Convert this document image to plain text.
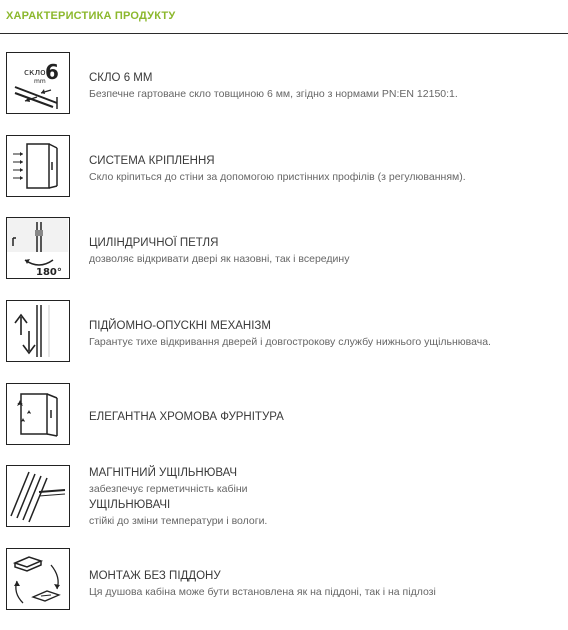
ХАРАКТЕРИСТИКА ПРОДУКТУ
скло 6
mm	СКЛО 6 ММ
Безпечне гартоване скло товщиною 6 мм, згідно з нормами PN:EN 12150:1.
СИСТЕМА КРІПЛЕННЯ
Скло кріпиться до стіни за допомогою пристінних профілів (з регулюванням).
180°
ЦИЛІНДРИЧНОЇ ПЕТЛЯ
дозволяє відкривати двері як назовні, так і всередину
ПІДЙОМНО-ОПУСКНІ МЕХАНІЗМ
Гарантує тихе відкривання дверей і довгострокову службу нижнього ущільнювача.
ЕЛЕГАНТНА ХРОМОВА ФУРНІТУРА
МАГНІТНИЙ УЩІЛЬНЮВАЧ
забезпечує герметичність кабіни
УЩІЛЬНЮВАЧІ
стійкі до зміни температури і вологи.
МОНТАЖ БЕЗ ПІДДОНУ
Ця душова кабіна може бути встановлена як на піддоні, так і на підлозі
